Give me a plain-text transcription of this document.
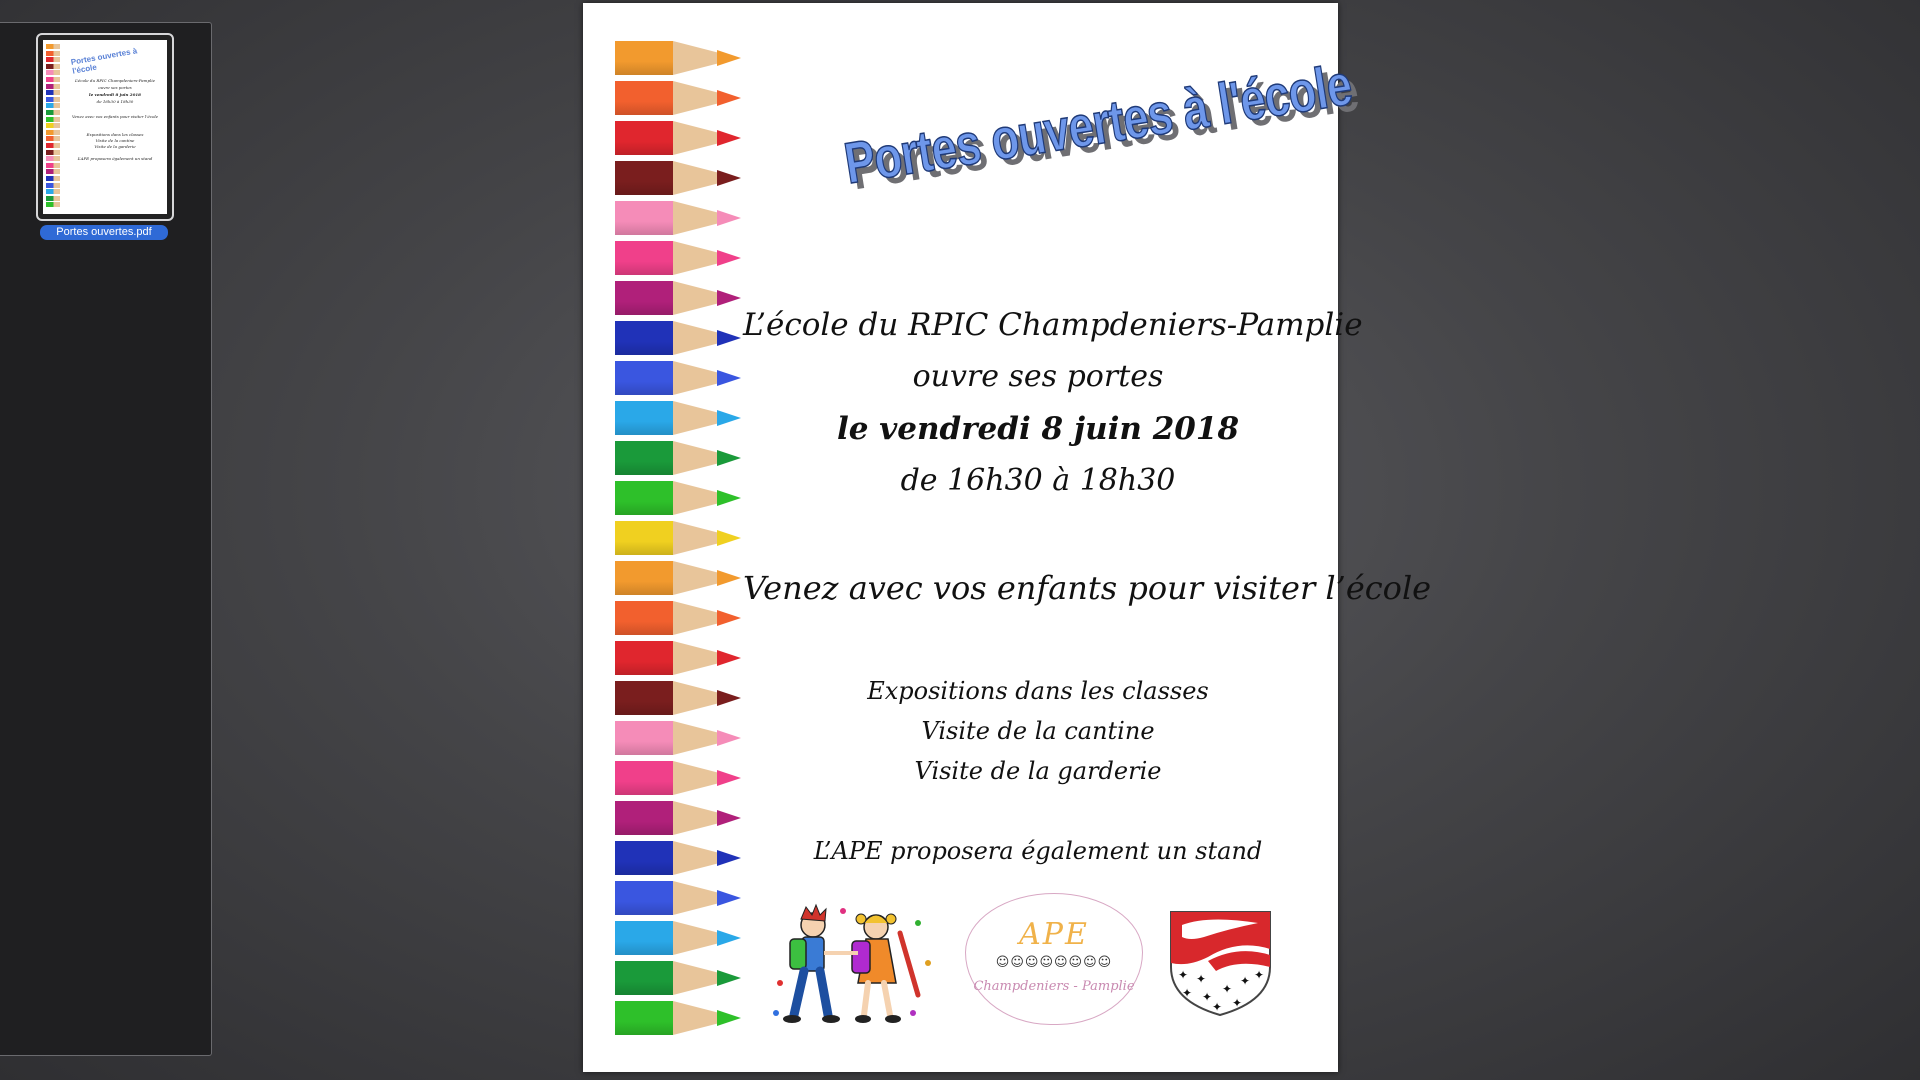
Portes ouvertes à l'école
L’école du RPIC Champdeniers-Pamplie
ouvre ses portes
le vendredi 8 juin 2018
de 16h30 à 18h30
Venez avec vos enfants pour visiter l’école
Expositions dans les classes
Visite de la cantine
Visite de la garderie
L’APE proposera également un stand
Portes ouvertes.pdf
Portes ouvertes à l'école
L’école du RPIC Champdeniers-Pamplie
ouvre ses portes
le vendredi 8 juin 2018
de 16h30 à 18h30
Venez avec vos enfants pour visiter l’école
Expositions dans les classes
Visite de la cantine
Visite de la garderie
L’APE proposera également un stand
APE
☺☺☺☺☺☺☺☺
Champdeniers - Pamplie
✦ ✦
✦ ✦
✦
✦ ✦
✦ ✦
